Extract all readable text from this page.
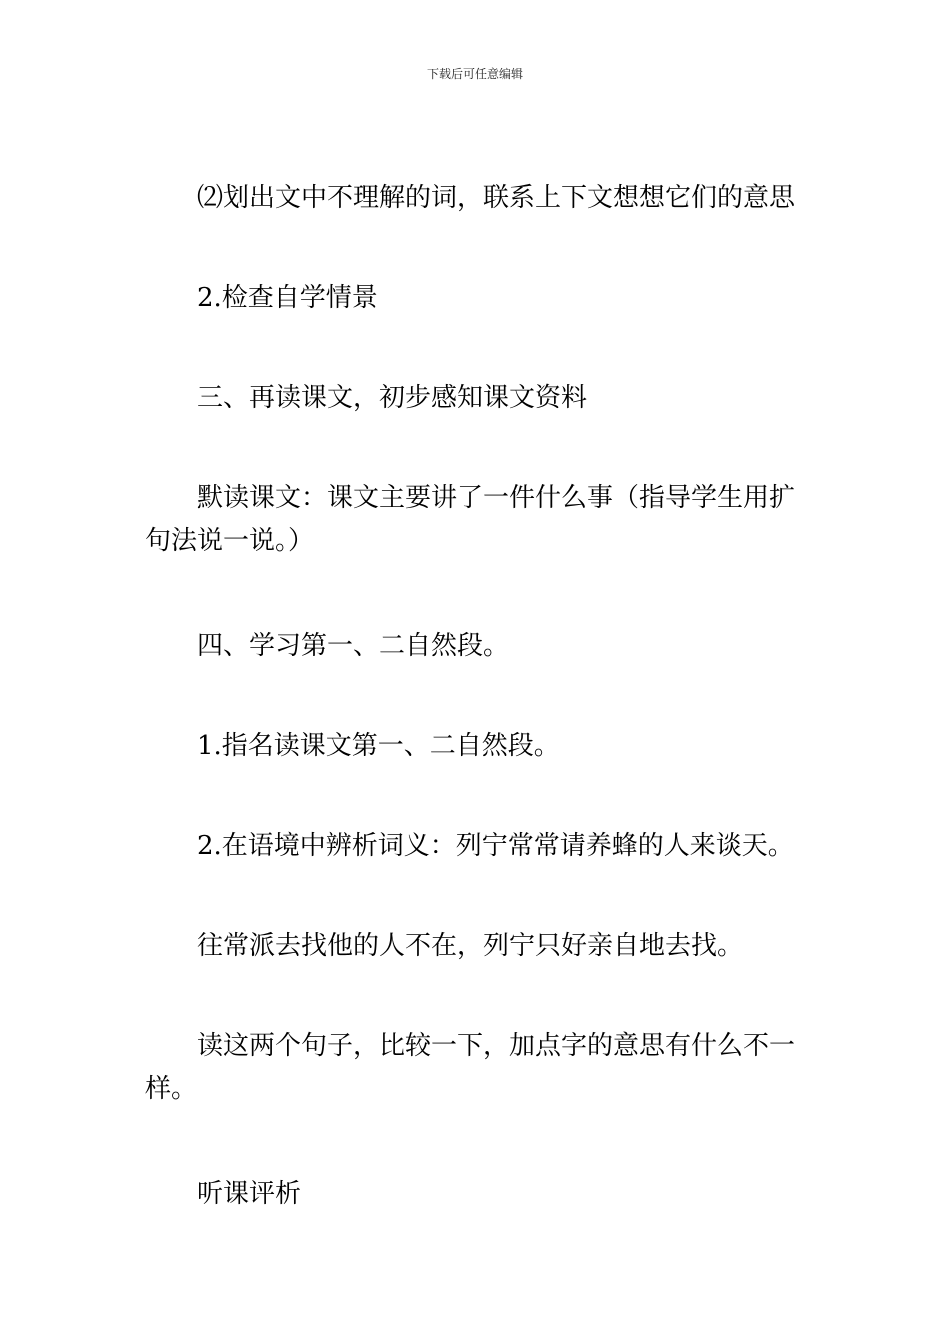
下载后可任意编辑
⑵划出文中不理解的词，联系上下文想想它们的意思
2.检查自学情景
三、再读课文，初步感知课文资料
默读课文：课文主要讲了一件什么事（指导学生用扩句法说一说。）
四、学习第一、二自然段。
1.指名读课文第一、二自然段。
2.在语境中辨析词义：列宁常常请养蜂的人来谈天。
往常派去找他的人不在，列宁只好亲自地去找。
读这两个句子，比较一下，加点字的意思有什么不一样。
听课评析
